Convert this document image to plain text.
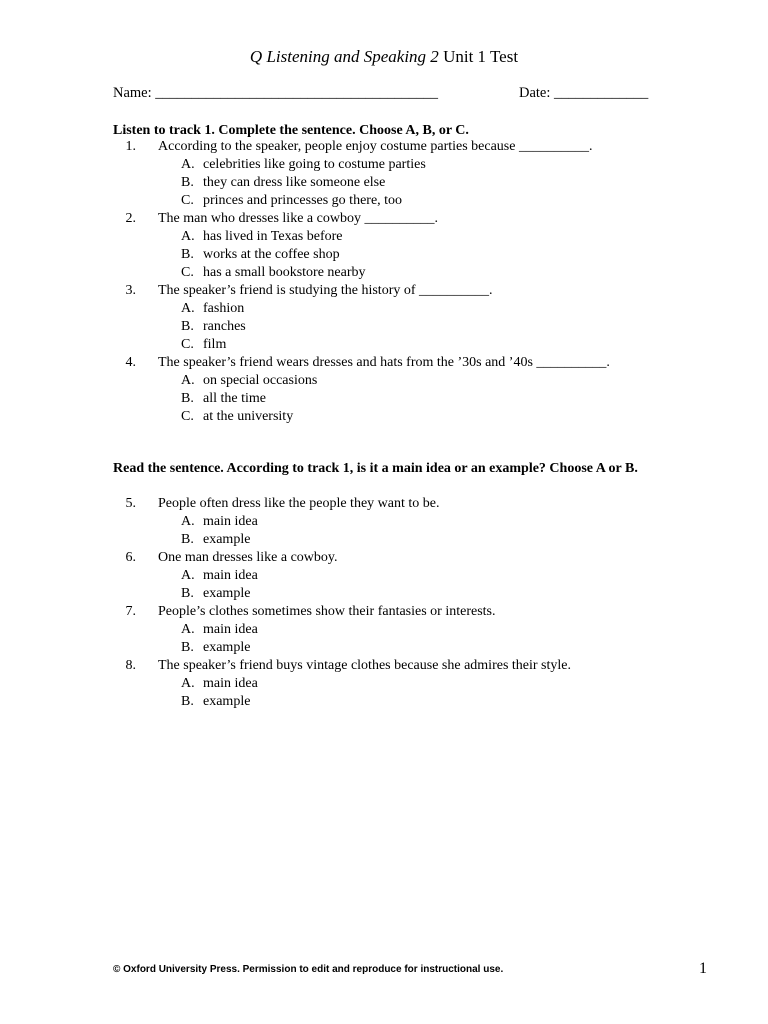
Q Listening and Speaking 2 Unit 1 Test
Name: _______________________________________	Date: _____________
Listen to track 1. Complete the sentence. Choose A, B, or C.
1. According to the speaker, people enjoy costume parties because __________.
A. celebrities like going to costume parties
B. they can dress like someone else
C. princes and princesses go there, too
2. The man who dresses like a cowboy __________.
A. has lived in Texas before
B. works at the coffee shop
C. has a small bookstore nearby
3. The speaker’s friend is studying the history of __________.
A. fashion
B. ranches
C. film
4. The speaker’s friend wears dresses and hats from the ’30s and ’40s __________.
A. on special occasions
B. all the time
C. at the university
Read the sentence. According to track 1, is it a main idea or an example? Choose A or B.
5. People often dress like the people they want to be.
A. main idea
B. example
6. One man dresses like a cowboy.
A. main idea
B. example
7. People’s clothes sometimes show their fantasies or interests.
A. main idea
B. example
8. The speaker’s friend buys vintage clothes because she admires their style.
A. main idea
B. example
© Oxford University Press. Permission to edit and reproduce for instructional use.	1
